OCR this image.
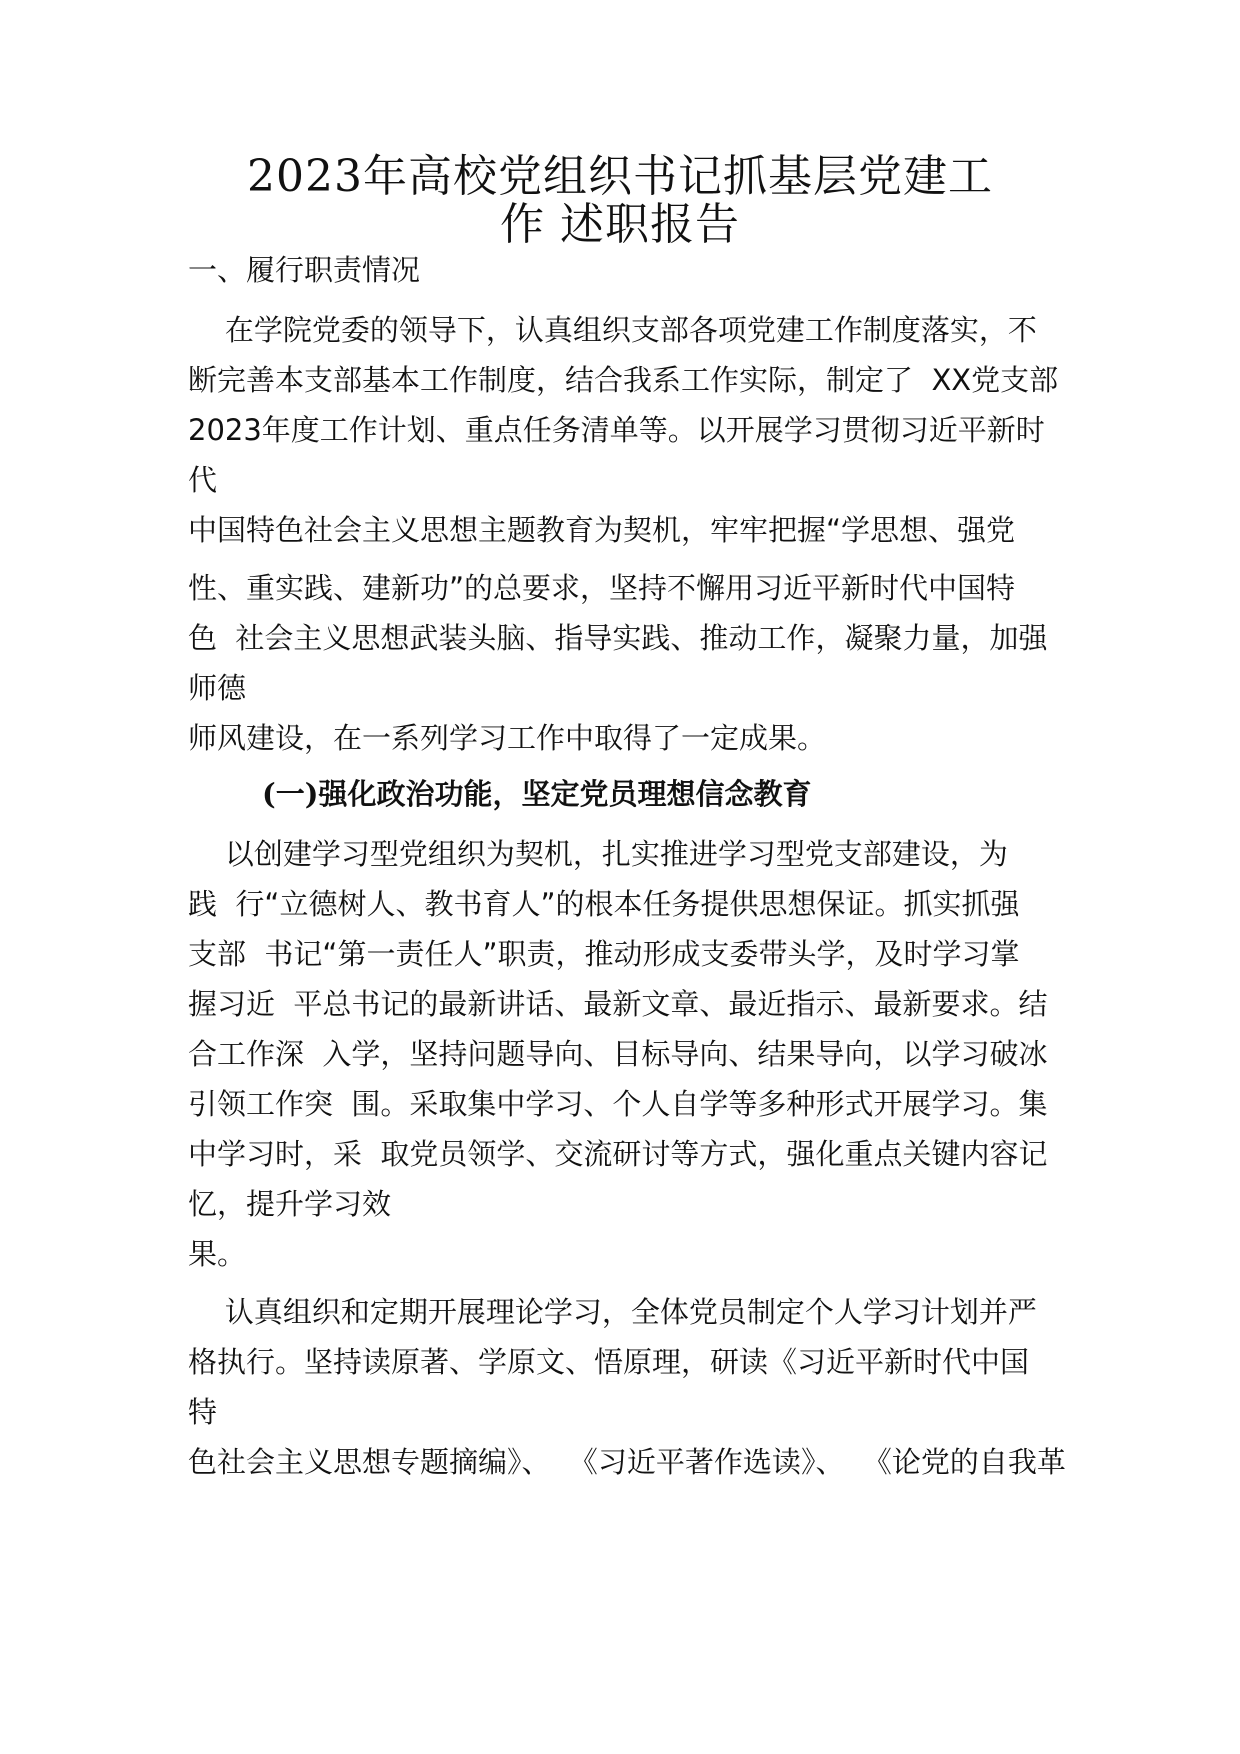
2023年高校党组织书记抓基层党建工
作 述职报告
一、履行职责情况
在学院党委的领导下，认真组织支部各项党建工作制度落实，不
断完善本支部基本工作制度，结合我系工作实际，制定了  XX党支部
2023年度工作计划、重点任务清单等。以开展学习贯彻习近平新时
代
中国特色社会主义思想主题教育为契机，牢牢把握“学思想、强党
性、重实践、建新功”的总要求，坚持不懈用习近平新时代中国特
色  社会主义思想武装头脑、指导实践、推动工作，凝聚力量，加强
师德
师风建设，在一系列学习工作中取得了一定成果。
(一)强化政治功能，坚定党员理想信念教育
以创建学习型党组织为契机，扎实推进学习型党支部建设，为
践  行“立德树人、教书育人”的根本任务提供思想保证。抓实抓强
支部  书记“第一责任人”职责，推动形成支委带头学，及时学习掌
握习近  平总书记的最新讲话、最新文章、最近指示、最新要求。结
合工作深  入学，坚持问题导向、目标导向、结果导向，以学习破冰
引领工作突  围。采取集中学习、个人自学等多种形式开展学习。集
中学习时，采  取党员领学、交流研讨等方式，强化重点关键内容记
忆，提升学习效
果。
认真组织和定期开展理论学习，全体党员制定个人学习计划并严
格执行。坚持读原著、学原文、悟原理，研读《习近平新时代中国
特
色社会主义思想专题摘编》、  《习近平著作选读》、  《论党的自我革
